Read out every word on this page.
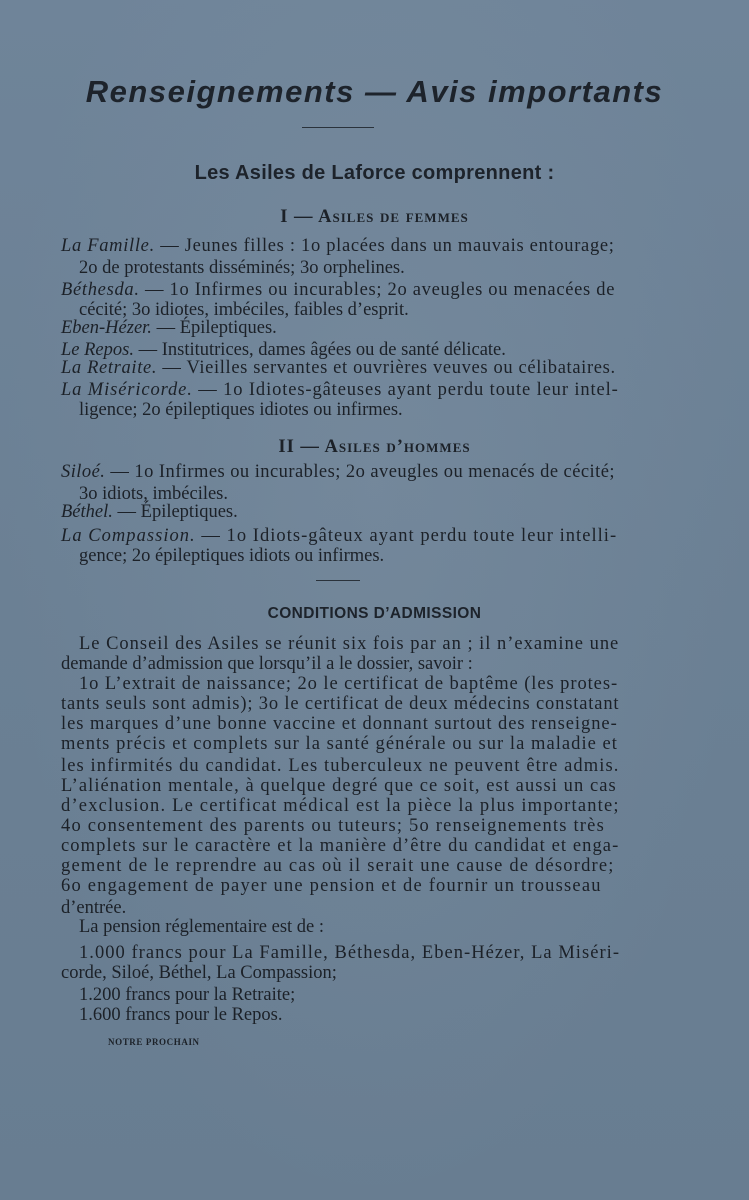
Renseignements — Avis importants
Les Asiles de Laforce comprennent :
I — Asiles de femmes
La Famille. — Jeunes filles : 1o placées dans un mauvais entourage;
2o de protestants disséminés; 3o orphelines.
Béthesda. — 1o Infirmes ou incurables; 2o aveugles ou menacées de
cécité; 3o idiotes, imbéciles, faibles d’esprit.
Eben-Hézer. — Épileptiques.
Le Repos. — Institutrices, dames âgées ou de santé délicate.
La Retraite. — Vieilles servantes et ouvrières veuves ou célibataires.
La Miséricorde. — 1o Idiotes-gâteuses ayant perdu toute leur intel-
ligence; 2o épileptiques idiotes ou infirmes.
II — Asiles d’hommes
Siloé. — 1o Infirmes ou incurables; 2o aveugles ou menacés de cécité;
3o idiots, imbéciles.
Béthel. — Épileptiques.
La Compassion. — 1o Idiots-gâteux ayant perdu toute leur intelli-
gence; 2o épileptiques idiots ou infirmes.
CONDITIONS D’ADMISSION
Le Conseil des Asiles se réunit six fois par an ; il n’examine une
demande d’admission que lorsqu’il a le dossier, savoir :
1o L’extrait de naissance; 2o le certificat de baptême (les protes-
tants seuls sont admis); 3o le certificat de deux médecins constatant
les marques d’une bonne vaccine et donnant surtout des renseigne-
ments précis et complets sur la santé générale ou sur la maladie et
les infirmités du candidat. Les tuberculeux ne peuvent être admis.
L’aliénation mentale, à quelque degré que ce soit, est aussi un cas
d’exclusion. Le certificat médical est la pièce la plus importante;
4o consentement des parents ou tuteurs; 5o renseignements très
complets sur le caractère et la manière d’être du candidat et enga-
gement de le reprendre au cas où il serait une cause de désordre;
6o engagement de payer une pension et de fournir un trousseau
d’entrée.
La pension réglementaire est de :
1.000 francs pour La Famille, Béthesda, Eben-Hézer, La Miséri-
corde, Siloé, Béthel, La Compassion;
1.200 francs pour la Retraite;
1.600 francs pour le Repos.
NOTRE PROCHAIN
